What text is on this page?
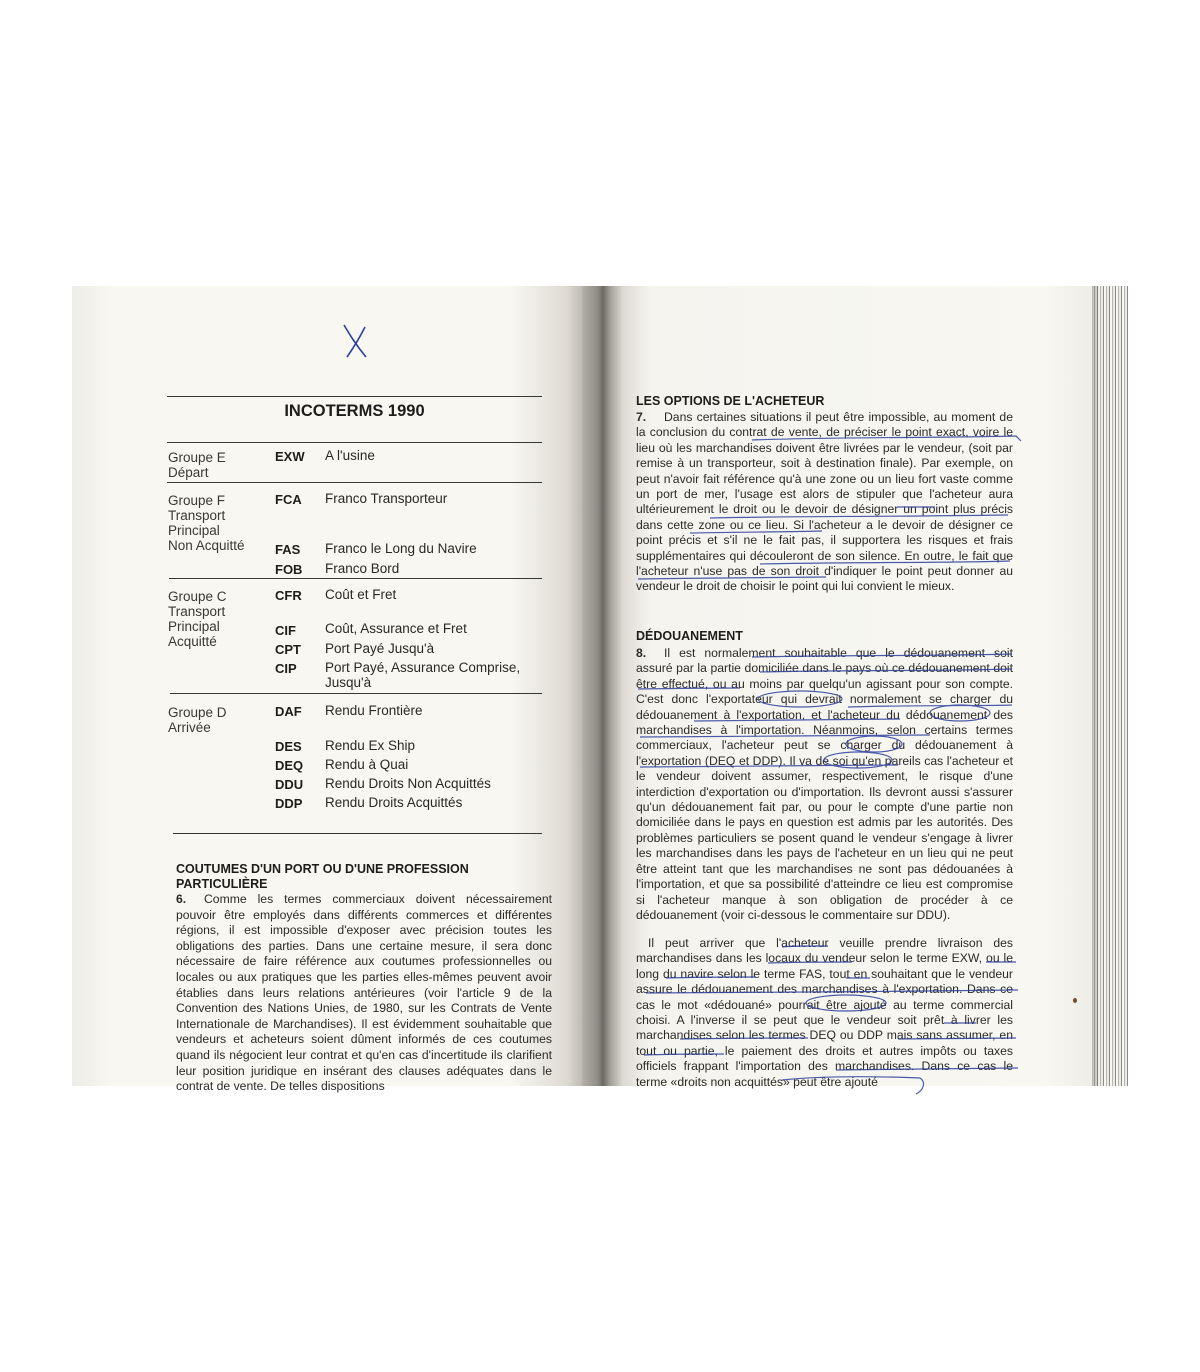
INCOTERMS 1990
Groupe E
Départ
EXW A l'usine
Groupe F
Transport
Principal
Non Acquitté
FCA Franco Transporteur
FAS Franco le Long du Navire
FOB Franco Bord
Groupe C
Transport
Principal
Acquitté
CFR Coût et Fret
CIF Coût, Assurance et Fret
CPT Port Payé Jusqu'à
CIP Port Payé, Assurance Comprise, Jusqu'à
Groupe D
Arrivée
DAF Rendu Frontière
DES Rendu Ex Ship
DEQ Rendu à Quai
DDU Rendu Droits Non Acquittés
DDP Rendu Droits Acquittés
COUTUMES D'UN PORT OU D'UNE PROFESSION
PARTICULIÈRE
6. Comme les termes commerciaux doivent nécessairement pouvoir être employés dans différents commerces et différentes régions, il est impossible d'exposer avec précision toutes les obligations des parties. Dans une certaine mesure, il sera donc nécessaire de faire référence aux coutumes professionnelles ou locales ou aux pratiques que les parties elles-mêmes peuvent avoir établies dans leurs relations antérieures (voir l'article 9 de la Convention des Nations Unies, de 1980, sur les Contrats de Vente Internationale de Marchandises). Il est évidemment souhaitable que vendeurs et acheteurs soient dûment informés de ces coutumes quand ils négocient leur contrat et qu'en cas d'incertitude ils clarifient leur position juridique en insérant des clauses adéquates dans le contrat de vente. De telles dispositions
LES OPTIONS DE L'ACHETEUR
7. Dans certaines situations il peut être impossible, au moment de la conclusion du contrat de vente, de préciser le point exact, voire le lieu où les marchandises doivent être livrées par le vendeur, (soit par remise à un transporteur, soit à destination finale). Par exemple, on peut n'avoir fait référence qu'à une zone ou un lieu fort vaste comme un port de mer, l'usage est alors de stipuler que l'acheteur aura ultérieurement le droit ou le devoir de désigner un point plus précis dans cette zone ou ce lieu. Si l'acheteur a le devoir de désigner ce point précis et s'il ne le fait pas, il supportera les risques et frais supplémentaires qui découleront de son silence. En outre, le fait que l'acheteur n'use pas de son droit d'indiquer le point peut donner au vendeur le droit de choisir le point qui lui convient le mieux.
DÉDOUANEMENT
8. Il est normalement souhaitable que le dédouanement soit assuré par la partie domiciliée dans le pays où ce dédouanement doit être effectué, ou au moins par quelqu'un agissant pour son compte. C'est donc l'exportateur qui devrait normalement se charger du dédouanement à l'exportation, et l'acheteur du dédouanement des marchandises à l'importation. Néanmoins, selon certains termes commerciaux, l'acheteur peut se charger du dédouanement à l'exportation (DEQ et DDP). Il va de soi qu'en pareils cas l'acheteur et le vendeur doivent assumer, respectivement, le risque d'une interdiction d'exportation ou d'importation. Ils devront aussi s'assurer qu'un dédouanement fait par, ou pour le compte d'une partie non domiciliée dans le pays en question est admis par les autorités. Des problèmes particuliers se posent quand le vendeur s'engage à livrer les marchandises dans les pays de l'acheteur en un lieu qui ne peut être atteint tant que les marchandises ne sont pas dédouanées à l'importation, et que sa possibilité d'atteindre ce lieu est compromise si l'acheteur manque à son obligation de procéder à ce dédouanement (voir ci-dessous le commentaire sur DDU).
Il peut arriver que l'acheteur veuille prendre livraison des marchandises dans les locaux du vendeur selon le terme EXW, ou le long du navire selon le terme FAS, tout en souhaitant que le vendeur assure le dédouanement des marchandises à l'exportation. Dans ce cas le mot «dédouané» pourrait être ajouté au terme commercial choisi. A l'inverse il se peut que le vendeur soit prêt à livrer les marchandises selon les termes DEQ ou DDP mais sans assumer, en tout ou partie, le paiement des droits et autres impôts ou taxes officiels frappant l'importation des marchandises. Dans ce cas le terme «droits non acquittés» peut être ajouté
